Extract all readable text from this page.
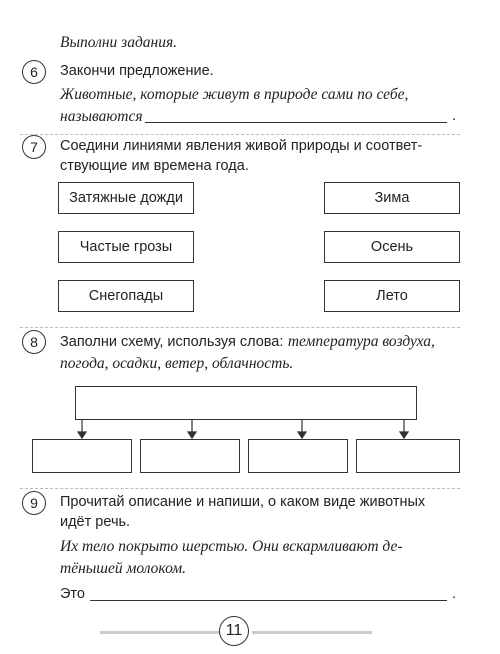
Выполни задания.
6	Закончи предложение.
Животные, которые живут в природе сами по себе,
называются	.
7	Соедини линиями явления живой природы и соответ-
ствующие им времена года.
Затяжные дожди
Частые грозы
Снегопады
Зима
Осень
Лето
8	Заполни схему, используя слова: температура воздуха,
погода, осадки, ветер, облачность.
9	Прочитай описание и напиши, о каком виде животных
идёт речь.
Их тело покрыто шерстью. Они вскармливают де-
тёнышей молоком.
Это	.
11
